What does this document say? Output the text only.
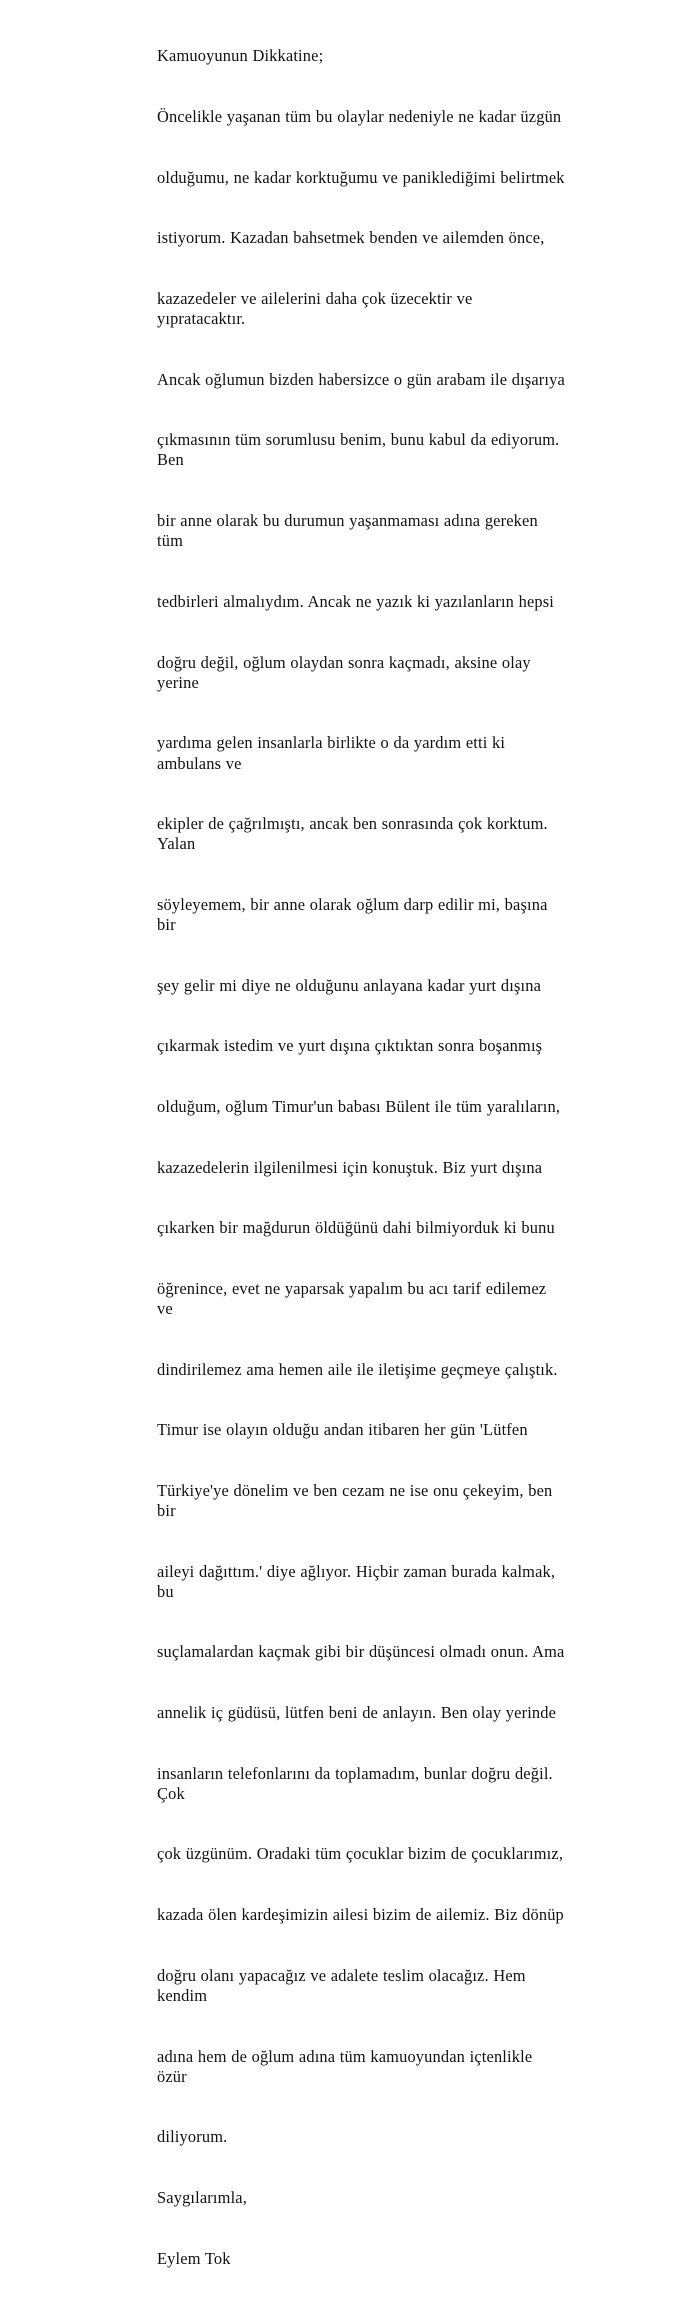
Kamuoyunun Dikkatine;

Öncelikle yaşanan tüm bu olaylar nedeniyle ne kadar üzgün

olduğumu, ne kadar korktuğumu ve paniklediğimi belirtmek

istiyorum. Kazadan bahsetmek benden ve ailemden önce,

kazazedeler ve ailelerini daha çok üzecektir ve yıpratacaktır.

Ancak oğlumun bizden habersizce o gün arabam ile dışarıya

çıkmasının tüm sorumlusu benim, bunu kabul da ediyorum. Ben

bir anne olarak bu durumun yaşanmaması adına gereken tüm

tedbirleri almalıydım. Ancak ne yazık ki yazılanların hepsi

doğru değil, oğlum olaydan sonra kaçmadı, aksine olay yerine

yardıma gelen insanlarla birlikte o da yardım etti ki ambulans ve

ekipler de çağrılmıştı, ancak ben sonrasında çok korktum. Yalan

söyleyemem, bir anne olarak oğlum darp edilir mi, başına bir

şey gelir mi diye ne olduğunu anlayana kadar yurt dışına

çıkarmak istedim ve yurt dışına çıktıktan sonra boşanmış

olduğum, oğlum Timur'un babası Bülent ile tüm yaralıların,

kazazedelerin ilgilenilmesi için konuştuk. Biz yurt dışına

çıkarken bir mağdurun öldüğünü dahi bilmiyorduk ki bunu

öğrenince, evet ne yaparsak yapalım bu acı tarif edilemez ve

dindirilemez ama hemen aile ile iletişime geçmeye çalıştık.

Timur ise olayın olduğu andan itibaren her gün 'Lütfen

Türkiye'ye dönelim ve ben cezam ne ise onu çekeyim, ben bir

aileyi dağıttım.' diye ağlıyor. Hiçbir zaman burada kalmak, bu

suçlamalardan kaçmak gibi bir düşüncesi olmadı onun. Ama

annelik iç güdüsü, lütfen beni de anlayın. Ben olay yerinde

insanların telefonlarını da toplamadım, bunlar doğru değil. Çok

çok üzgünüm. Oradaki tüm çocuklar bizim de çocuklarımız,

kazada ölen kardeşimizin ailesi bizim de ailemiz. Biz dönüp

doğru olanı yapacağız ve adalete teslim olacağız. Hem kendim

adına hem de oğlum adına tüm kamuoyundan içtenlikle özür

diliyorum.

Saygılarımla,

Eylem Tok
